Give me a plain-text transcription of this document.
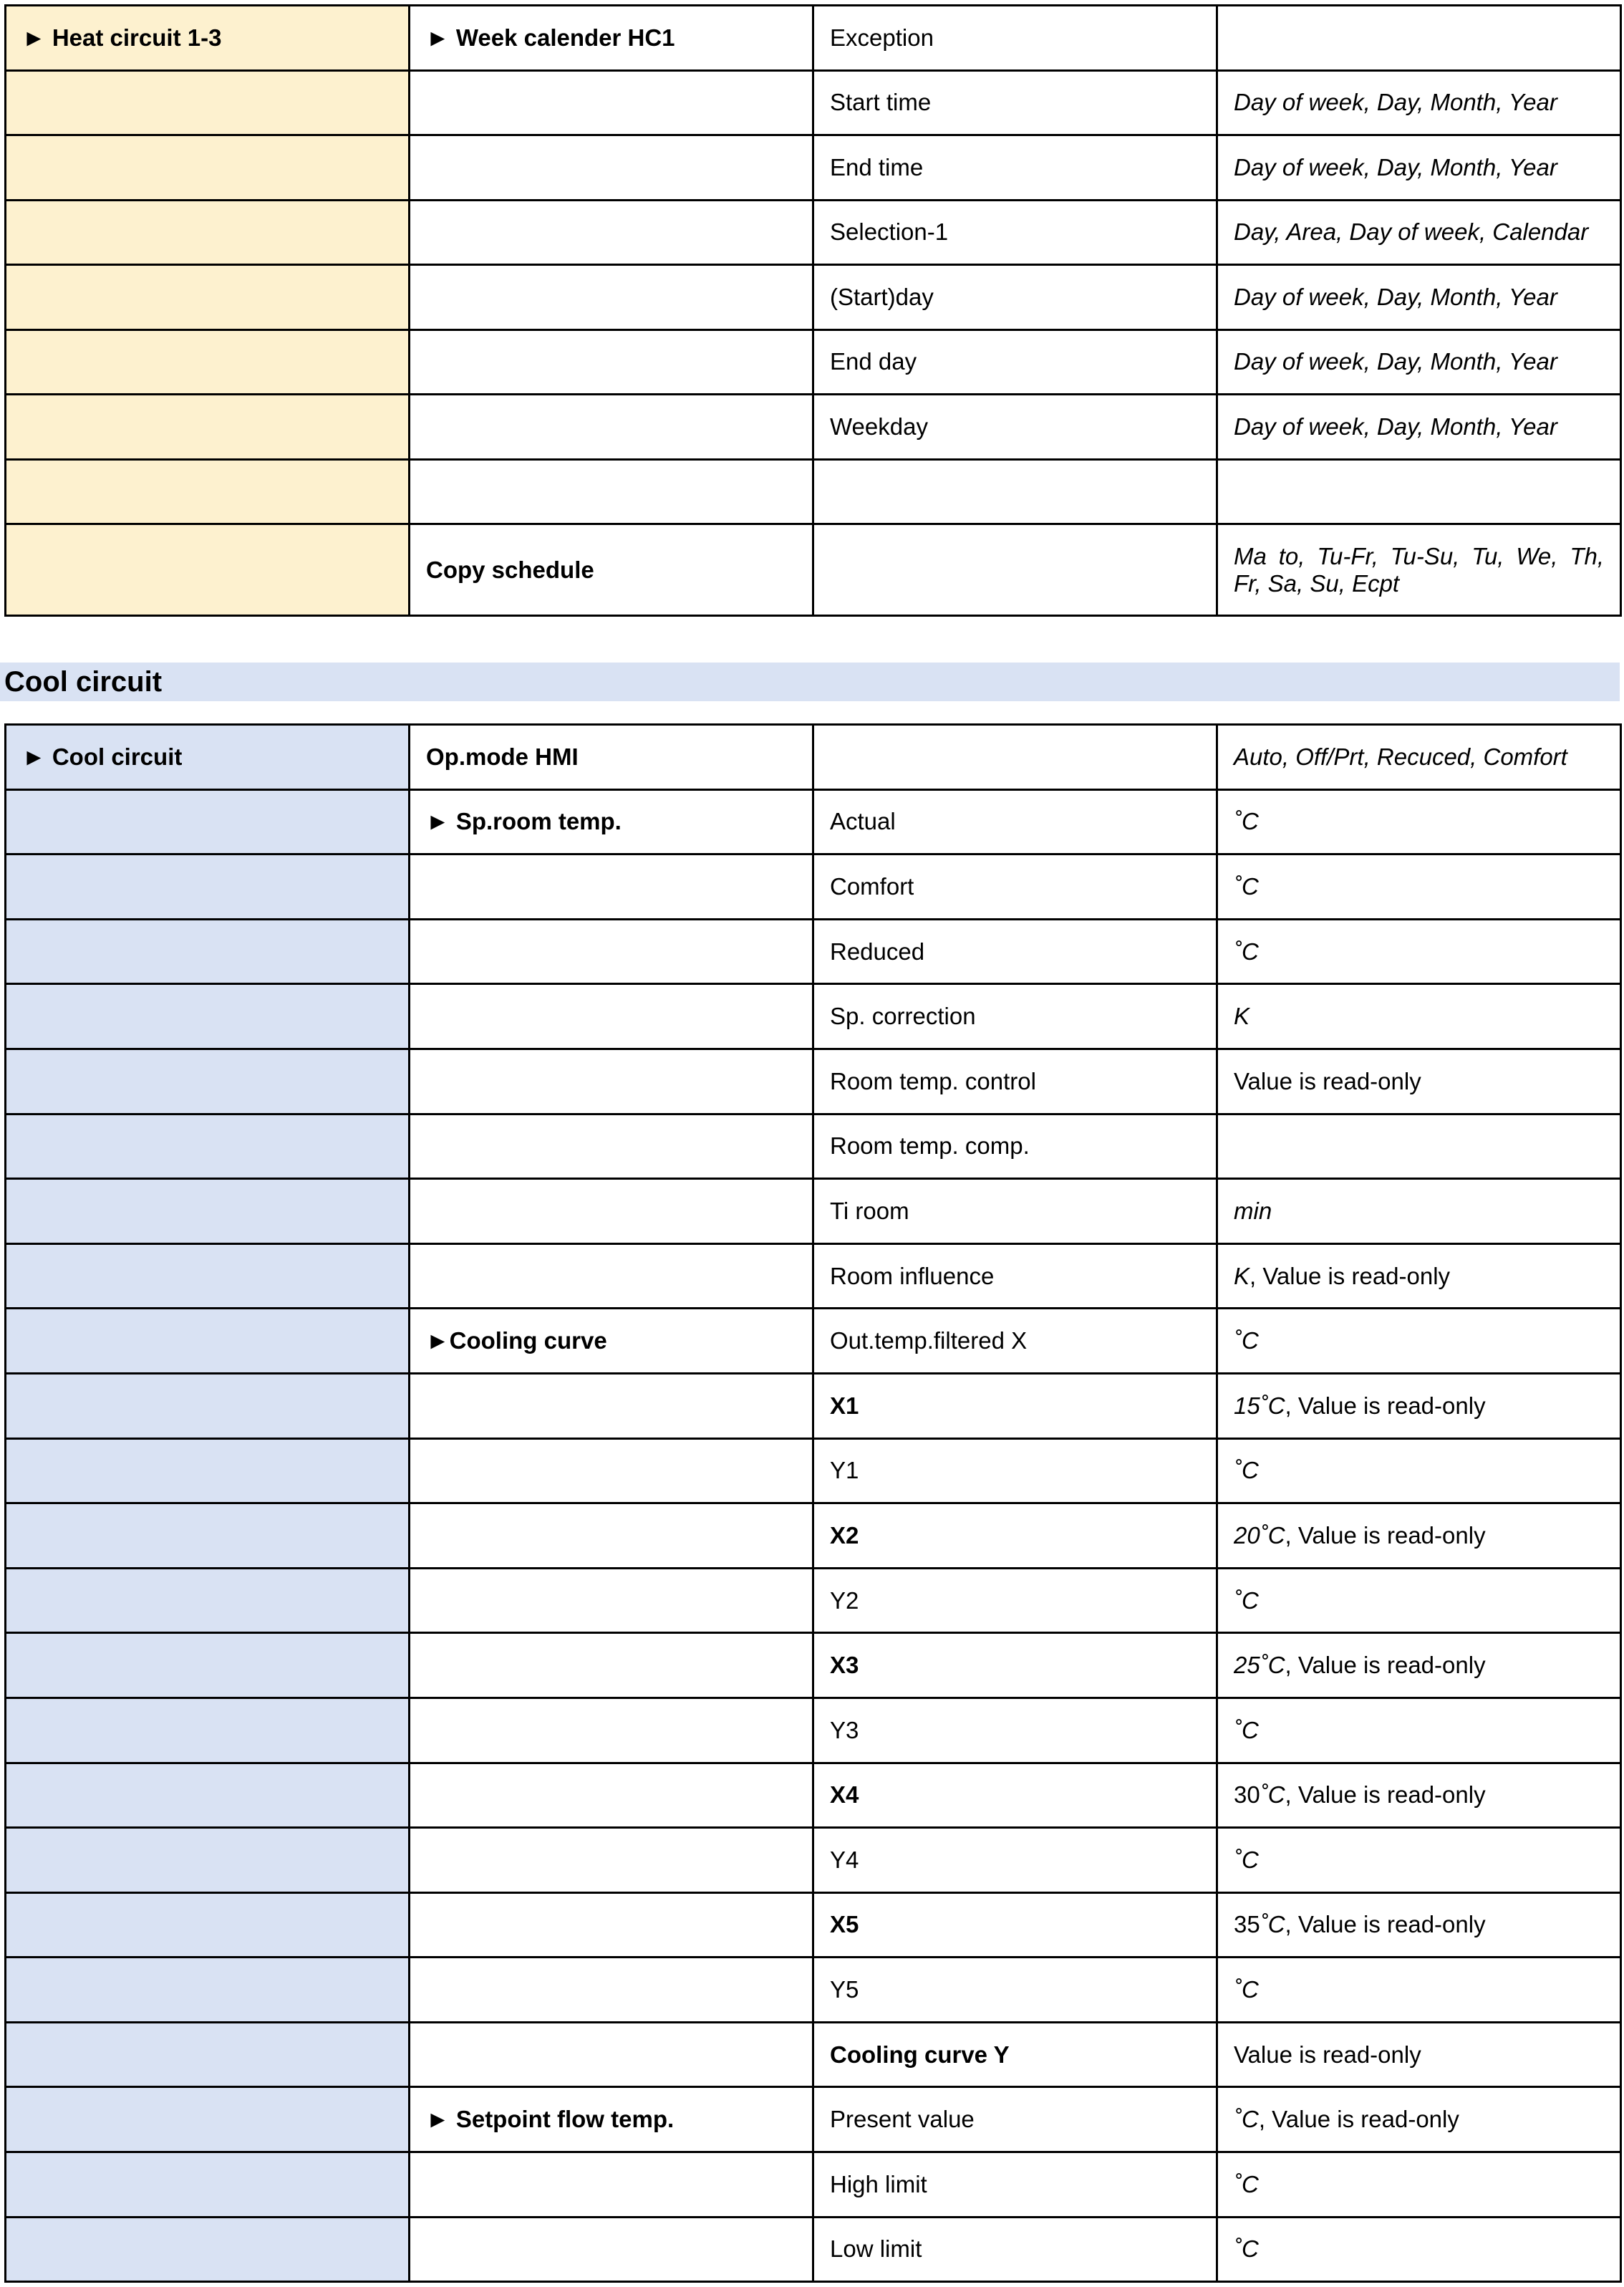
► Heat circuit 1-3	► Week calender HC1	Exception	
		Start time	Day of week, Day, Month, Year
		End time	Day of week, Day, Month, Year
		Selection-1	Day, Area, Day of week, Calendar
		(Start)day	Day of week, Day, Month, Year
		End day	Day of week, Day, Month, Year
		Weekday	Day of week, Day, Month, Year

	Copy schedule		Ma to, Tu-Fr, Tu-Su, Tu, We, Th, Fr, Sa, Su, Ecpt
Cool circuit
► Cool circuit	Op.mode HMI		Auto, Off/Prt, Recuced, Comfort
	► Sp.room temp.	Actual	˚C
		Comfort	˚C
		Reduced	˚C
		Sp. correction	K
		Room temp. control	Value is read-only
		Room temp. comp.	
		Ti room	min
		Room influence	K, Value is read-only
	►Cooling curve	Out.temp.filtered X	˚C
		X1	15˚C, Value is read-only
		Y1	˚C
		X2	20˚C, Value is read-only
		Y2	˚C
		X3	25˚C, Value is read-only
		Y3	˚C
		X4	30˚C, Value is read-only
		Y4	˚C
		X5	35˚C, Value is read-only
		Y5	˚C
		Cooling curve Y	Value is read-only
	► Setpoint flow temp.	Present value	˚C, Value is read-only
		High limit	˚C
		Low limit	˚C
